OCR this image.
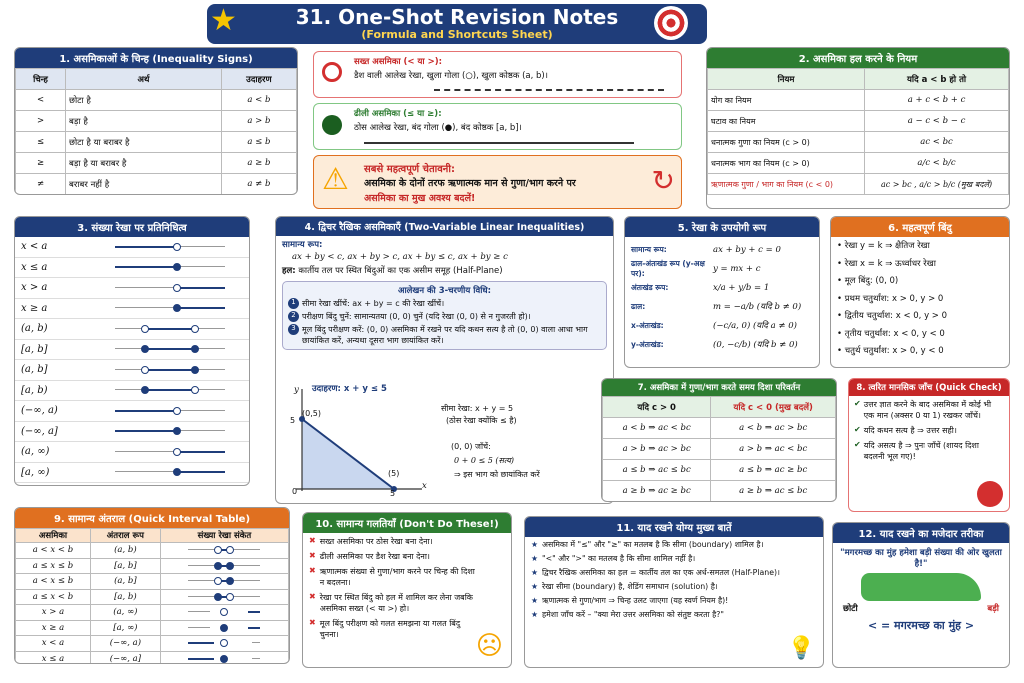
31. One-Shot Revision Notes
(Formula and Shortcuts Sheet)
★
1. असमिकाओं के चिन्ह (Inequality Signs)
चिन्ह	अर्थ	उदाहरण
<	छोटा है	a < b
>	बड़ा है	a > b
≤	छोटा है या बराबर है	a ≤ b
≥	बड़ा है या बराबर है	a ≥ b
≠	बराबर नहीं है	a ≠ b
सख्त असमिका (< या >):
डैश वाली आलेख रेखा, खुला गोला (○), खुला कोष्ठक (a, b)।
ढीली असमिका (≤ या ≥):
ठोस आलेख रेखा, बंद गोला (●), बंद कोष्ठक [a, b]।
⚠ सबसे महत्वपूर्ण चेतावनी:
असमिका के दोनों तरफ ऋणात्मक मान से गुणा/भाग करने पर
असमिका का मुख अवश्य बदलें!
↻
2. असमिका हल करने के नियम
नियम	यदि a < b हो तो
योग का नियम	a + c < b + c
घटाव का नियम	a − c < b − c
धनात्मक गुणा का नियम (c > 0)	ac < bc
धनात्मक भाग का नियम (c > 0)	a/c < b/c
ऋणात्मक गुणा / भाग का नियम (c < 0)	ac > bc , a/c > b/c (मुख बदलें)
3. संख्या रेखा पर प्रतिनिधित्व
x < a
x ≤ a
x > a
x ≥ a
(a, b)
[a, b]
(a, b]
[a, b)
(−∞, a)
(−∞, a]
(a, ∞)
[a, ∞)
4. द्विचर रैखिक असमिकाएँ (Two-Variable Linear Inequalities)
सामान्य रूप:
ax + by < c, ax + by > c, ax + by ≤ c, ax + by ≥ c
हल: कार्तीय तल पर स्थित बिंदुओं का एक असीम समूह (Half-Plane)
आलेखन की 3-चरणीय विधि:
1 सीमा रेखा खींचें: ax + by = c की रेखा खींचें।
2 परीक्षण बिंदु चुनें: सामान्यतया (0, 0) चुनें (यदि रेखा (0, 0) से न गुजरती हो)।
3 मूल बिंदु परीक्षण करें: (0, 0) असमिका में रखने पर यदि कथन सत्य है तो (0, 0) वाला आधा भाग छायांकित करें, अन्यथा दूसरा भाग छायांकित करें।
y
x
उदाहरण: x + y ≤ 5
(0,5)
5
(5)
0	5
सीमा रेखा: x + y = 5
(ठोस रेखा क्योंकि ≤ है)
(0, 0) जाँचें:
0 + 0 ≤ 5 (सत्य)
⇒ इस भाग को छायांकित करें
5. रेखा के उपयोगी रूप
सामान्य रूप:	ax + by + c = 0
ढाल-अंतःखंड रूप (y-अक्ष पर):	y = mx + c
अंतःखंड रूप:	x/a + y/b = 1
ढाल:	m = −a/b (यदि b ≠ 0)
x-अंतःखंड:	(−c/a, 0) (यदि a ≠ 0)
y-अंतःखंड:	(0, −c/b) (यदि b ≠ 0)
6. महत्वपूर्ण बिंदु
• रेखा y = k ⇒ क्षैतिज रेखा
• रेखा x = k ⇒ ऊर्ध्वाधर रेखा
• मूल बिंदु: (0, 0)
• प्रथम चतुर्थांश: x > 0, y > 0
• द्वितीय चतुर्थांश: x < 0, y > 0
• तृतीय चतुर्थांश: x < 0, y < 0
• चतुर्थ चतुर्थांश: x > 0, y < 0
7. असमिका में गुणा/भाग करते समय दिशा परिवर्तन
यदि c > 0	यदि c < 0 (मुख बदलें)
a < b ⇒ ac < bc	a < b ⇒ ac > bc
a > b ⇒ ac > bc	a > b ⇒ ac < bc
a ≤ b ⇒ ac ≤ bc	a ≤ b ⇒ ac ≥ bc
a ≥ b ⇒ ac ≥ bc	a ≥ b ⇒ ac ≤ bc
8. त्वरित मानसिक जाँच (Quick Check)
✔ उत्तर ज्ञात करने के बाद असमिका में कोई भी एक मान (अक्सर 0 या 1) रखकर जाँचें।
✔ यदि कथन सत्य है ⇒ उत्तर सही।
✔ यदि असत्य है ⇒ पुनः जाँचें (शायद दिशा बदलनी भूल गए)!
9. सामान्य अंतराल (Quick Interval Table)
असमिका	अंतराल रूप	संख्या रेखा संकेत
a < x < b	(a, b)	

a ≤ x ≤ b	[a, b]	

a < x ≤ b	(a, b]	

a ≤ x < b	[a, b)	

x > a	(a, ∞)	

x ≥ a	[a, ∞)	

x < a	(−∞, a)	

x ≤ a	(−∞, a]	
10. सामान्य गलतियाँ (Don't Do These!)
✖ सख्त असमिका पर ठोस रेखा बना देना।
✖ ढीली असमिका पर डैश रेखा बना देना।
✖ ऋणात्मक संख्या से गुणा/भाग करने पर चिन्ह की दिशा न बदलना।
✖ रेखा पर स्थित बिंदु को हल में शामिल कर लेना जबकि असमिका सख्त (< या >) हो।
✖ मूल बिंदु परीक्षण को गलत समझना या गलत बिंदु चुनना।	☹
11. याद रखने योग्य मुख्य बातें
★ असमिका में "≤" और "≥" का मतलब है कि सीमा (boundary) शामिल है।
★ "<" और ">" का मतलब है कि सीमा शामिल नहीं है।
★ द्विचर रैखिक असमिका का हल = कार्तीय तल का एक अर्ध-समतल (Half-Plane)।
★ रेखा सीमा (boundary) है, शेडिंग समाधान (solution) है।
★ ऋणात्मक से गुणा/भाग ⇒ चिन्ह उलट जाएगा (यह स्वर्ण नियम है)!
★ हमेशा जाँच करें – "क्या मेरा उत्तर असमिका को संतुष्ट करता है?"
💡
12. याद रखने का मजेदार तरीका
"मगरमच्छ का मुंह हमेशा बड़ी संख्या की ओर खुलता है!"
छोटी	बड़ी
< = मगरमच्छ का मुंह >
